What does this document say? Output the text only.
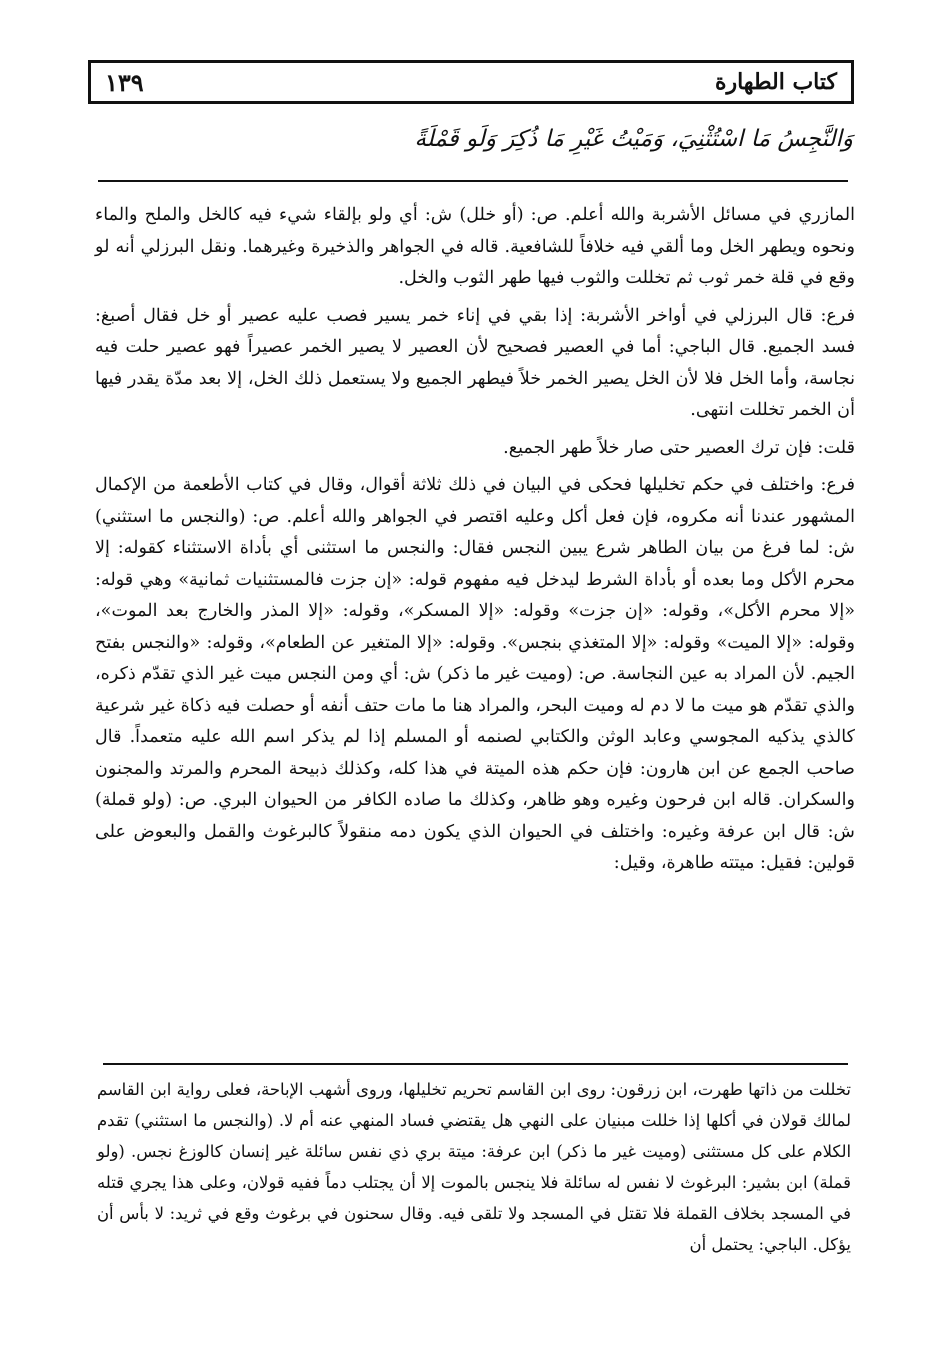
١٣٩	كتاب الطهارة
وَالنَّجِسُ مَا اسْتُثْنِيَ، وَمَيْتُ غَيْرِ مَا ذُكِرَ وَلَو قَمْلَةً

المازري في مسائل الأشربة والله أعلم. ص: (أو خلل) ش: أي ولو بإلقاء شيء فيه كالخل والملح والماء ونحوه ويطهر الخل وما ألقي فيه خلافاً للشافعية. قاله في الجواهر والذخيرة وغيرهما. ونقل البرزلي أنه لو وقع في قلة خمر ثوب ثم تخللت والثوب فيها طهر الثوب والخل.

فرع: قال البرزلي في أواخر الأشربة: إذا بقي في إناء خمر يسير فصب عليه عصير أو خل فقال أصبغ: فسد الجميع. قال الباجي: أما في العصير فصحيح لأن العصير لا يصير الخمر عصيراً فهو عصير حلت فيه نجاسة، وأما الخل فلا لأن الخل يصير الخمر خلاً فيطهر الجميع ولا يستعمل ذلك الخل، إلا بعد مدّة يقدر فيها أن الخمر تخللت انتهى.

قلت: فإن ترك العصير حتى صار خلاً طهر الجميع.

فرع: واختلف في حكم تخليلها فحكى في البيان في ذلك ثلاثة أقوال، وقال في كتاب الأطعمة من الإكمال المشهور عندنا أنه مكروه، فإن فعل أكل وعليه اقتصر في الجواهر والله أعلم. ص: (والنجس ما استثني) ش: لما فرغ من بيان الطاهر شرع يبين النجس فقال: والنجس ما استثنى أي بأداة الاستثناء كقوله: إلا محرم الأكل وما بعده أو بأداة الشرط ليدخل فيه مفهوم قوله: «إن جزت فالمستثنيات ثمانية» وهي قوله: «إلا محرم الأكل»، وقوله: «إن جزت» وقوله: «إلا المسكر»، وقوله: «إلا المذر والخارج بعد الموت»، وقوله: «إلا الميت» وقوله: «إلا المتغذي بنجس». وقوله: «إلا المتغير عن الطعام»، وقوله: «والنجس بفتح الجيم. لأن المراد به عين النجاسة. ص: (وميت غير ما ذكر) ش: أي ومن النجس ميت غير الذي تقدّم ذكره، والذي تقدّم هو ميت ما لا دم له وميت البحر، والمراد هنا ما مات حتف أنفه أو حصلت فيه ذكاة غير شرعية كالذي يذكيه المجوسي وعابد الوثن والكتابي لصنمه أو المسلم إذا لم يذكر اسم الله عليه متعمداً. قال صاحب الجمع عن ابن هارون: فإن حكم هذه الميتة في هذا كله، وكذلك ذبيحة المحرم والمرتد والمجنون والسكران. قاله ابن فرحون وغيره وهو ظاهر، وكذلك ما صاده الكافر من الحيوان البري. ص: (ولو قملة) ش: قال ابن عرفة وغيره: واختلف في الحيوان الذي يكون دمه منقولاً كالبرغوث والقمل والبعوض على قولين: فقيل: ميتته طاهرة، وقيل:

تخللت من ذاتها طهرت، ابن زرقون: روى ابن القاسم تحريم تخليلها، وروى أشهب الإباحة، فعلى رواية ابن القاسم لمالك قولان في أكلها إذا خللت مبنيان على النهي هل يقتضي فساد المنهي عنه أم لا. (والنجس ما استثني) تقدم الكلام على كل مستثنى (وميت غير ما ذكر) ابن عرفة: ميتة بري ذي نفس سائلة غير إنسان كالوزغ نجس. (ولو قملة) ابن بشير: البرغوث لا نفس له سائلة فلا ينجس بالموت إلا أن يجتلب دماً ففيه قولان، وعلى هذا يجري قتله في المسجد بخلاف القملة فلا تقتل في المسجد ولا تلقى فيه. وقال سحنون في برغوث وقع في ثريد: لا بأس أن يؤكل. الباجي: يحتمل أن
